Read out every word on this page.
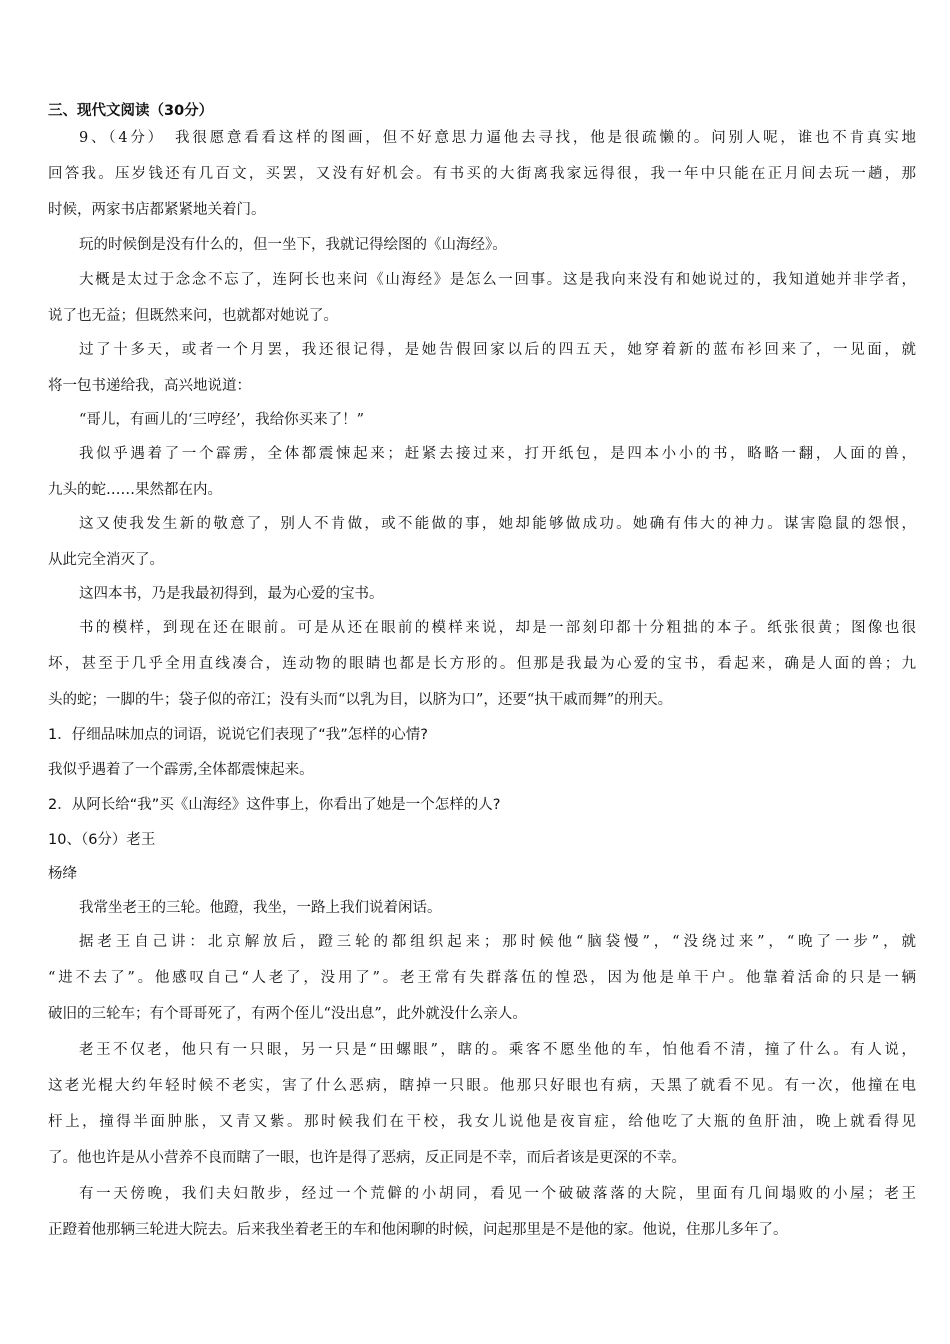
三、现代文阅读（30分）
9、（4分）　我很愿意看看这样的图画，但不好意思力逼他去寻找，他是很疏懒的。问别人呢，谁也不肯真实地
回答我。压岁钱还有几百文，买罢，又没有好机会。有书买的大街离我家远得很，我一年中只能在正月间去玩一趟，那
时候，两家书店都紧紧地关着门。
玩的时候倒是没有什么的，但一坐下，我就记得绘图的《山海经》。
大概是太过于念念不忘了，连阿长也来问《山海经》是怎么一回事。这是我向来没有和她说过的，我知道她并非学者，
说了也无益；但既然来问，也就都对她说了。
过了十多天，或者一个月罢，我还很记得，是她告假回家以后的四五天，她穿着新的蓝布衫回来了，一见面，就
将一包书递给我，高兴地说道：
“哥儿，有画儿的‘三哼经’，我给你买来了！”
我似乎遇着了一个霹雳，全体都震悚起来；赶紧去接过来，打开纸包，是四本小小的书，略略一翻，人面的兽，
九头的蛇……果然都在内。
这又使我发生新的敬意了，别人不肯做，或不能做的事，她却能够做成功。她确有伟大的神力。谋害隐鼠的怨恨，
从此完全消灭了。
这四本书，乃是我最初得到，最为心爱的宝书。
书的模样，到现在还在眼前。可是从还在眼前的模样来说，却是一部刻印都十分粗拙的本子。纸张很黄；图像也很
坏，甚至于几乎全用直线凑合，连动物的眼睛也都是长方形的。但那是我最为心爱的宝书，看起来，确是人面的兽；九
头的蛇；一脚的牛；袋子似的帝江；没有头而“以乳为目，以脐为口”，还要“执干戚而舞”的刑天。
1．仔细品味加点的词语，说说它们表现了“我”怎样的心情?
我似乎遇着了一个霹雳,全体都震悚起来。
2．从阿长给“我”买《山海经》这件事上，你看出了她是一个怎样的人?
10、（6分）老王
杨绛
我常坐老王的三轮。他蹬，我坐，一路上我们说着闲话。
据老王自己讲：北京解放后，蹬三轮的都组织起来；那时候他“脑袋慢”，“没绕过来”，“晚了一步”，就
“进不去了”。他感叹自己“人老了，没用了”。老王常有失群落伍的惶恐，因为他是单干户。他靠着活命的只是一辆
破旧的三轮车；有个哥哥死了，有两个侄儿“没出息”，此外就没什么亲人。
老王不仅老，他只有一只眼，另一只是“田螺眼”，瞎的。乘客不愿坐他的车，怕他看不清，撞了什么。有人说，
这老光棍大约年轻时候不老实，害了什么恶病，瞎掉一只眼。他那只好眼也有病，天黑了就看不见。有一次，他撞在电
杆上，撞得半面肿胀，又青又紫。那时候我们在干校，我女儿说他是夜盲症，给他吃了大瓶的鱼肝油，晚上就看得见
了。他也许是从小营养不良而瞎了一眼，也许是得了恶病，反正同是不幸，而后者该是更深的不幸。
有一天傍晚，我们夫妇散步，经过一个荒僻的小胡同，看见一个破破落落的大院，里面有几间塌败的小屋；老王
正蹬着他那辆三轮进大院去。后来我坐着老王的车和他闲聊的时候，问起那里是不是他的家。他说，住那儿多年了。
